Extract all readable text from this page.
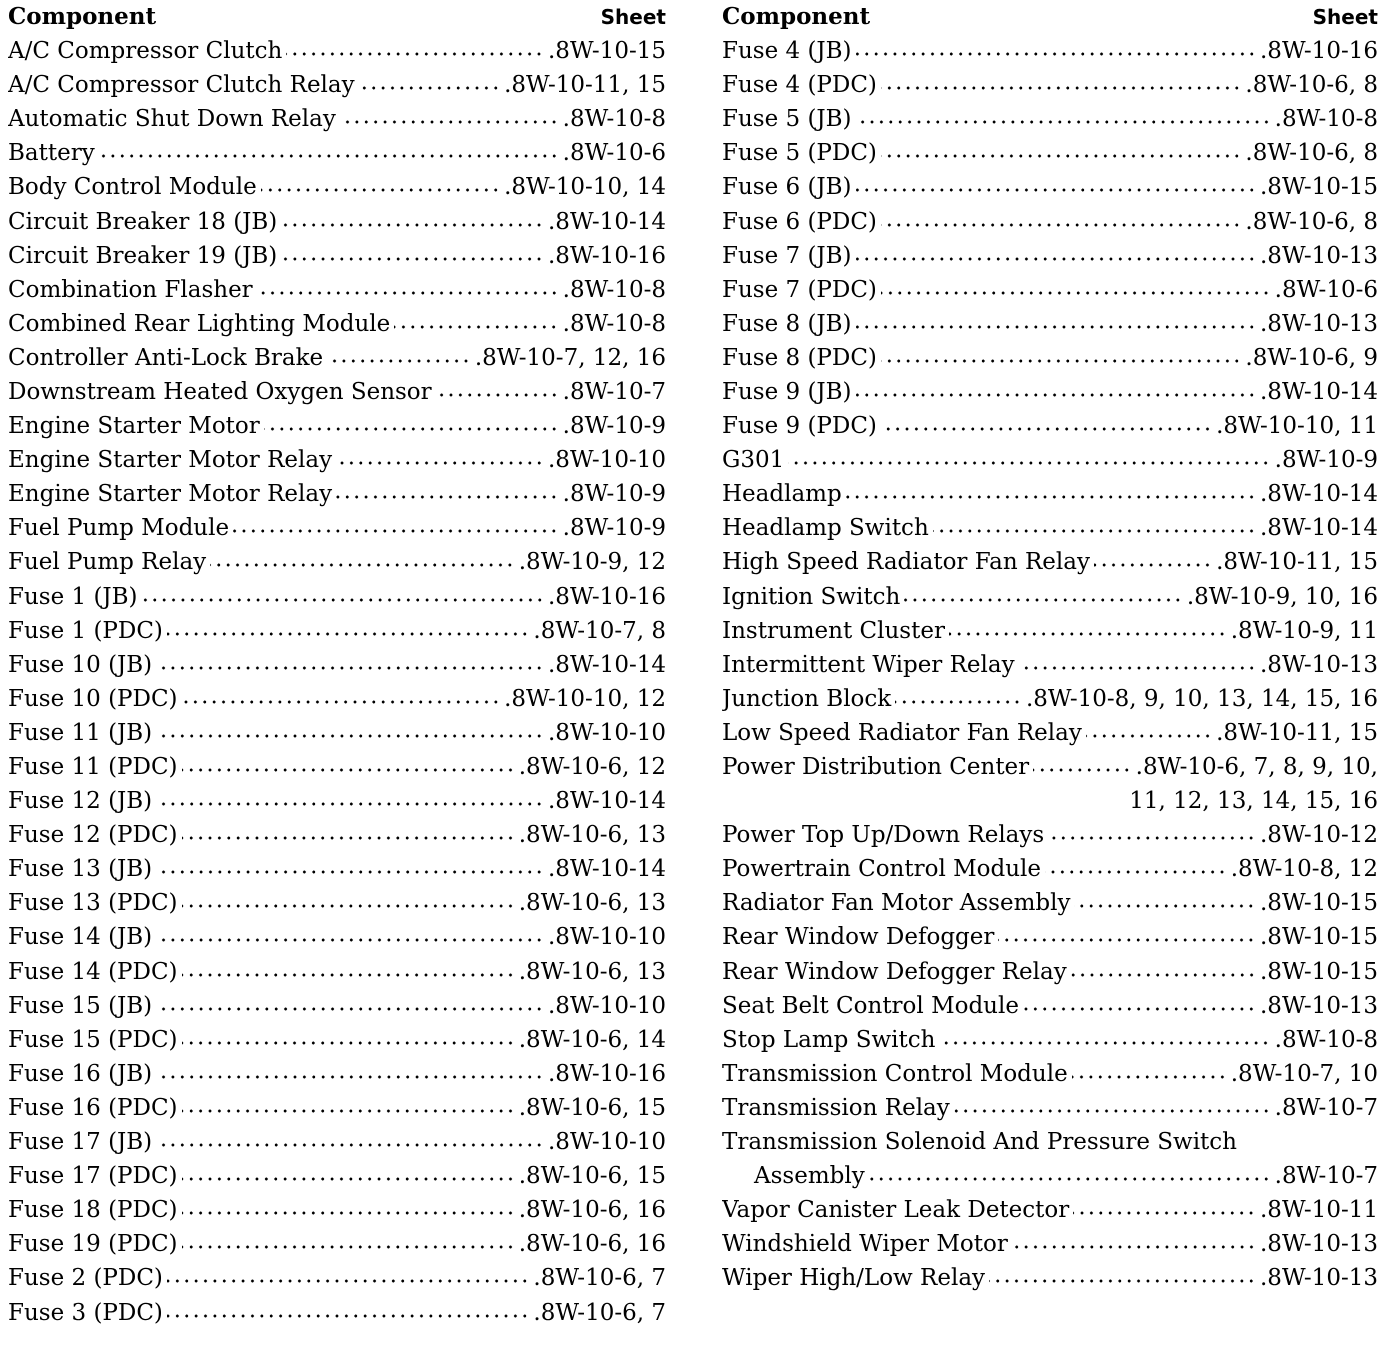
Component	Sheet
A/C Compressor Clutch	.8W-10-15
A/C Compressor Clutch Relay	.8W-10-11, 15
Automatic Shut Down Relay	.8W-10-8
Battery	.8W-10-6
Body Control Module	.8W-10-10, 14
Circuit Breaker 18 (JB)	.8W-10-14
Circuit Breaker 19 (JB)	.8W-10-16
Combination Flasher	.8W-10-8
Combined Rear Lighting Module	.8W-10-8
Controller Anti-Lock Brake	.8W-10-7, 12, 16
Downstream Heated Oxygen Sensor	.8W-10-7
Engine Starter Motor	.8W-10-9
Engine Starter Motor Relay	.8W-10-10
Engine Starter Motor Relay	.8W-10-9
Fuel Pump Module	.8W-10-9
Fuel Pump Relay	.8W-10-9, 12
Fuse 1 (JB)	.8W-10-16
Fuse 1 (PDC)	.8W-10-7, 8
Fuse 10 (JB)	.8W-10-14
Fuse 10 (PDC)	.8W-10-10, 12
Fuse 11 (JB)	.8W-10-10
Fuse 11 (PDC)	.8W-10-6, 12
Fuse 12 (JB)	.8W-10-14
Fuse 12 (PDC)	.8W-10-6, 13
Fuse 13 (JB)	.8W-10-14
Fuse 13 (PDC)	.8W-10-6, 13
Fuse 14 (JB)	.8W-10-10
Fuse 14 (PDC)	.8W-10-6, 13
Fuse 15 (JB)	.8W-10-10
Fuse 15 (PDC)	.8W-10-6, 14
Fuse 16 (JB)	.8W-10-16
Fuse 16 (PDC)	.8W-10-6, 15
Fuse 17 (JB)	.8W-10-10
Fuse 17 (PDC)	.8W-10-6, 15
Fuse 18 (PDC)	.8W-10-6, 16
Fuse 19 (PDC)	.8W-10-6, 16
Fuse 2 (PDC)	.8W-10-6, 7
Fuse 3 (PDC)	.8W-10-6, 7
Component	Sheet
Fuse 4 (JB)	.8W-10-16
Fuse 4 (PDC)	.8W-10-6, 8
Fuse 5 (JB)	.8W-10-8
Fuse 5 (PDC)	.8W-10-6, 8
Fuse 6 (JB)	.8W-10-15
Fuse 6 (PDC)	.8W-10-6, 8
Fuse 7 (JB)	.8W-10-13
Fuse 7 (PDC)	.8W-10-6
Fuse 8 (JB)	.8W-10-13
Fuse 8 (PDC)	.8W-10-6, 9
Fuse 9 (JB)	.8W-10-14
Fuse 9 (PDC)	.8W-10-10, 11
G301	.8W-10-9
Headlamp	.8W-10-14
Headlamp Switch	.8W-10-14
High Speed Radiator Fan Relay	.8W-10-11, 15
Ignition Switch	.8W-10-9, 10, 16
Instrument Cluster	.8W-10-9, 11
Intermittent Wiper Relay	.8W-10-13
Junction Block	.8W-10-8, 9, 10, 13, 14, 15, 16
Low Speed Radiator Fan Relay	.8W-10-11, 15
Power Distribution Center	.8W-10-6, 7, 8, 9, 10,
11, 12, 13, 14, 15, 16
Power Top Up/Down Relays	.8W-10-12
Powertrain Control Module	.8W-10-8, 12
Radiator Fan Motor Assembly	.8W-10-15
Rear Window Defogger	.8W-10-15
Rear Window Defogger Relay	.8W-10-15
Seat Belt Control Module	.8W-10-13
Stop Lamp Switch	.8W-10-8
Transmission Control Module	.8W-10-7, 10
Transmission Relay	.8W-10-7
Transmission Solenoid And Pressure Switch
Assembly	.8W-10-7
Vapor Canister Leak Detector	.8W-10-11
Windshield Wiper Motor	.8W-10-13
Wiper High/Low Relay	.8W-10-13
